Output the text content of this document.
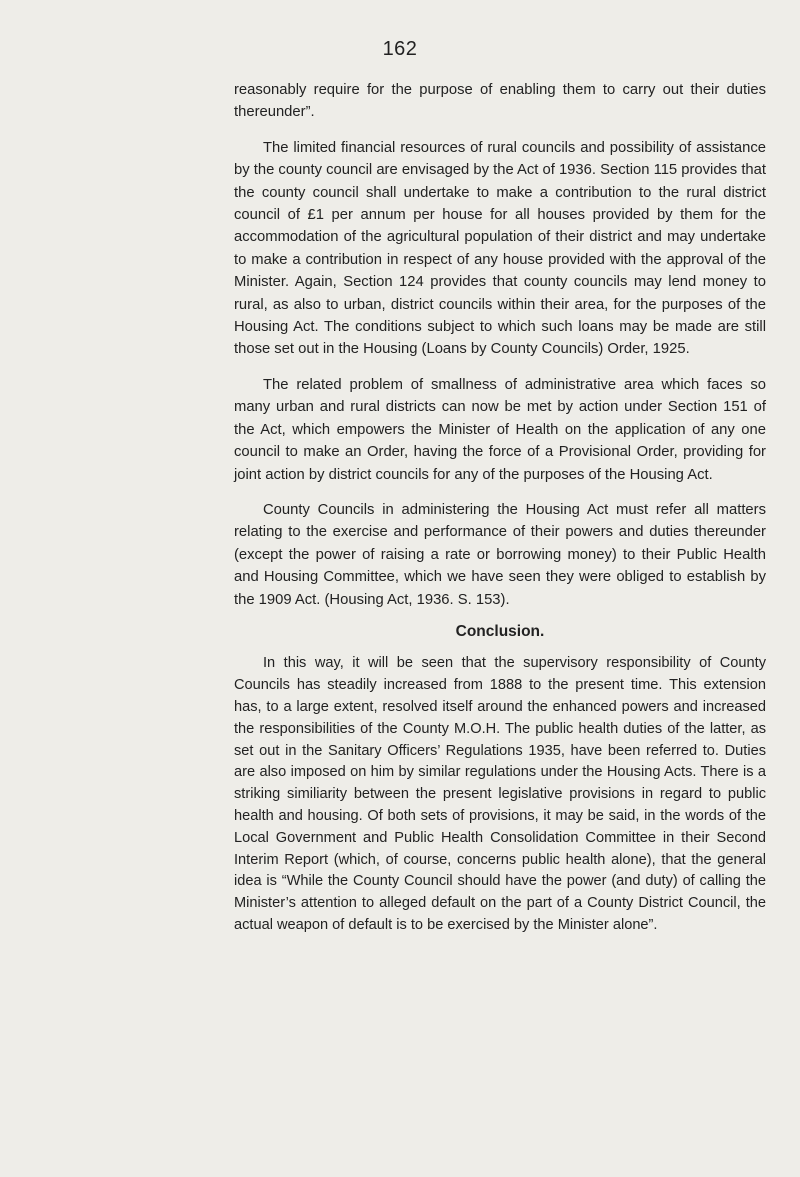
162

reasonably require for the purpose of enabling them to carry out their duties thereunder”.

The limited financial resources of rural councils and possibility of assistance by the county council are envisaged by the Act of 1936. Section 115 provides that the county council shall undertake to make a contribution to the rural district council of £1 per annum per house for all houses provided by them for the accommodation of the agricultural population of their district and may undertake to make a contribution in respect of any house provided with the approval of the Minister. Again, Section 124 provides that county councils may lend money to rural, as also to urban, district councils within their area, for the purposes of the Housing Act. The conditions subject to which such loans may be made are still those set out in the Housing (Loans by County Councils) Order, 1925.

The related problem of smallness of administrative area which faces so many urban and rural districts can now be met by action under Section 151 of the Act, which empowers the Minister of Health on the application of any one council to make an Order, having the force of a Provisional Order, providing for joint action by district councils for any of the purposes of the Housing Act.

County Councils in administering the Housing Act must refer all matters relating to the exercise and performance of their powers and duties thereunder (except the power of raising a rate or borrowing money) to their Public Health and Housing Committee, which we have seen they were obliged to establish by the 1909 Act. (Housing Act, 1936. S. 153).

Conclusion.

In this way, it will be seen that the supervisory responsibility of County Councils has steadily increased from 1888 to the present time. This extension has, to a large extent, resolved itself around the enhanced powers and increased the responsibilities of the County M.O.H. The public health duties of the latter, as set out in the Sanitary Officers’ Regulations 1935, have been referred to. Duties are also imposed on him by similar regulations under the Housing Acts. There is a striking similiarity between the present legislative provisions in regard to public health and housing. Of both sets of provisions, it may be said, in the words of the Local Government and Public Health Consolidation Committee in their Second Interim Report (which, of course, concerns public health alone), that the general idea is “While the County Council should have the power (and duty) of calling the Minister’s attention to alleged default on the part of a County District Council, the actual weapon of default is to be exercised by the Minister alone”.
